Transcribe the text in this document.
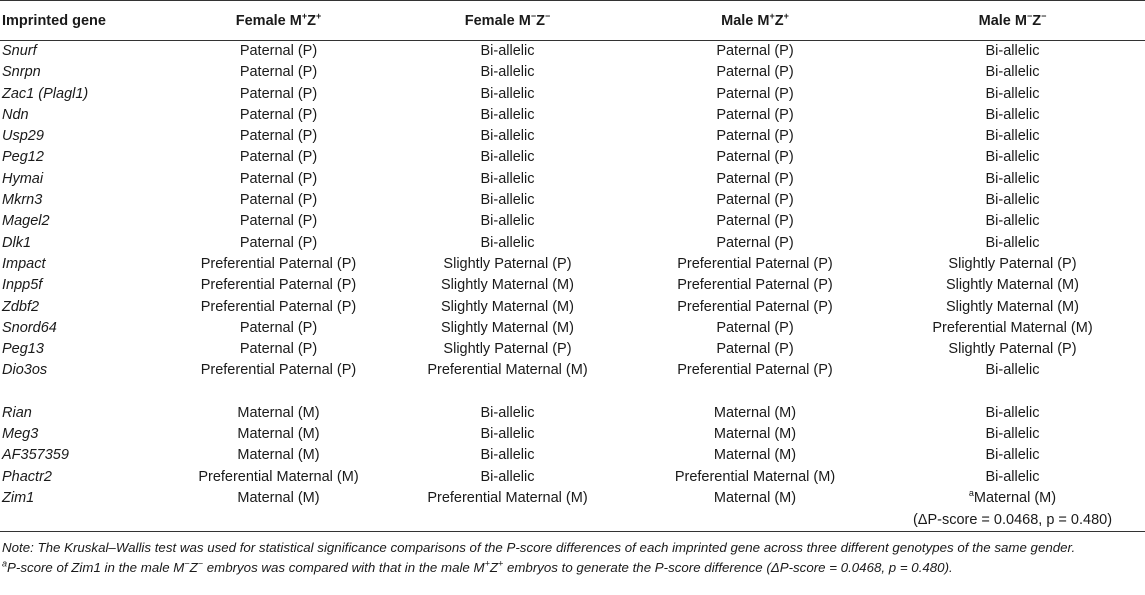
Imprinted gene	Female M+Z+	Female M−Z−	Male M+Z+	Male M−Z−
Snurf	Paternal (P)	Bi-allelic	Paternal (P)	Bi-allelic
Snrpn	Paternal (P)	Bi-allelic	Paternal (P)	Bi-allelic
Zac1 (Plagl1)	Paternal (P)	Bi-allelic	Paternal (P)	Bi-allelic
Ndn	Paternal (P)	Bi-allelic	Paternal (P)	Bi-allelic
Usp29	Paternal (P)	Bi-allelic	Paternal (P)	Bi-allelic
Peg12	Paternal (P)	Bi-allelic	Paternal (P)	Bi-allelic
Hymai	Paternal (P)	Bi-allelic	Paternal (P)	Bi-allelic
Mkrn3	Paternal (P)	Bi-allelic	Paternal (P)	Bi-allelic
Magel2	Paternal (P)	Bi-allelic	Paternal (P)	Bi-allelic
Dlk1	Paternal (P)	Bi-allelic	Paternal (P)	Bi-allelic
Impact	Preferential Paternal (P)	Slightly Paternal (P)	Preferential Paternal (P)	Slightly Paternal (P)
Inpp5f	Preferential Paternal (P)	Slightly Maternal (M)	Preferential Paternal (P)	Slightly Maternal (M)
Zdbf2	Preferential Paternal (P)	Slightly Maternal (M)	Preferential Paternal (P)	Slightly Maternal (M)
Snord64	Paternal (P)	Slightly Maternal (M)	Paternal (P)	Preferential Maternal (M)
Peg13	Paternal (P)	Slightly Paternal (P)	Paternal (P)	Slightly Paternal (P)
Dio3os	Preferential Paternal (P)	Preferential Maternal (M)	Preferential Paternal (P)	Bi-allelic

Rian	Maternal (M)	Bi-allelic	Maternal (M)	Bi-allelic
Meg3	Maternal (M)	Bi-allelic	Maternal (M)	Bi-allelic
AF357359	Maternal (M)	Bi-allelic	Maternal (M)	Bi-allelic
Phactr2	Preferential Maternal (M)	Bi-allelic	Preferential Maternal (M)	Bi-allelic
Zim1	Maternal (M)	Preferential Maternal (M)	Maternal (M)	$^a$Maternal (M)
				(ΔP-score = 0.0468, p = 0.480)
Note: The Kruskal–Wallis test was used for statistical significance comparisons of the P-score differences of each imprinted gene across three different genotypes of the same gender.
$^a$P-score of Zim1 in the male M−Z− embryos was compared with that in the male M+Z+ embryos to generate the P-score difference (ΔP-score = 0.0468, p = 0.480).
